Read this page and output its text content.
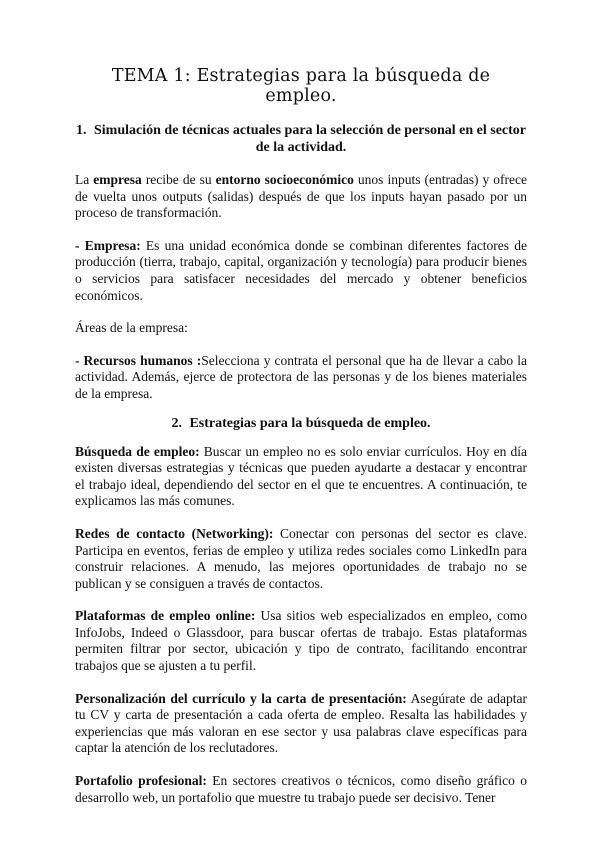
TEMA 1: Estrategias para la búsqueda de empleo.
1. Simulación de técnicas actuales para la selección de personal en el sector de la actividad.

La empresa recibe de su entorno socioeconómico unos inputs (entradas) y ofrece de vuelta unos outputs (salidas) después de que los inputs hayan pasado por un proceso de transformación.

- Empresa: Es una unidad económica donde se combinan diferentes factores de producción (tierra, trabajo, capital, organización y tecnología) para producir bienes o servicios para satisfacer necesidades del mercado y obtener beneficios económicos.

Áreas de la empresa:

- Recursos humanos :Selecciona y contrata el personal que ha de llevar a cabo la actividad. Además, ejerce de protectora de las personas y de los bienes materiales de la empresa.

2. Estrategias para la búsqueda de empleo.

Búsqueda de empleo: Buscar un empleo no es solo enviar currículos. Hoy en día existen diversas estrategias y técnicas que pueden ayudarte a destacar y encontrar el trabajo ideal, dependiendo del sector en el que te encuentres. A continuación, te explicamos las más comunes.

Redes de contacto (Networking): Conectar con personas del sector es clave. Participa en eventos, ferias de empleo y utiliza redes sociales como LinkedIn para construir relaciones. A menudo, las mejores oportunidades de trabajo no se publican y se consiguen a través de contactos.

Plataformas de empleo online: Usa sitios web especializados en empleo, como InfoJobs, Indeed o Glassdoor, para buscar ofertas de trabajo. Estas plataformas permiten filtrar por sector, ubicación y tipo de contrato, facilitando encontrar trabajos que se ajusten a tu perfil.

Personalización del currículo y la carta de presentación: Asegúrate de adaptar tu CV y carta de presentación a cada oferta de empleo. Resalta las habilidades y experiencias que más valoran en ese sector y usa palabras clave específicas para captar la atención de los reclutadores.

Portafolio profesional: En sectores creativos o técnicos, como diseño gráfico o desarrollo web, un portafolio que muestre tu trabajo puede ser decisivo. Tener
